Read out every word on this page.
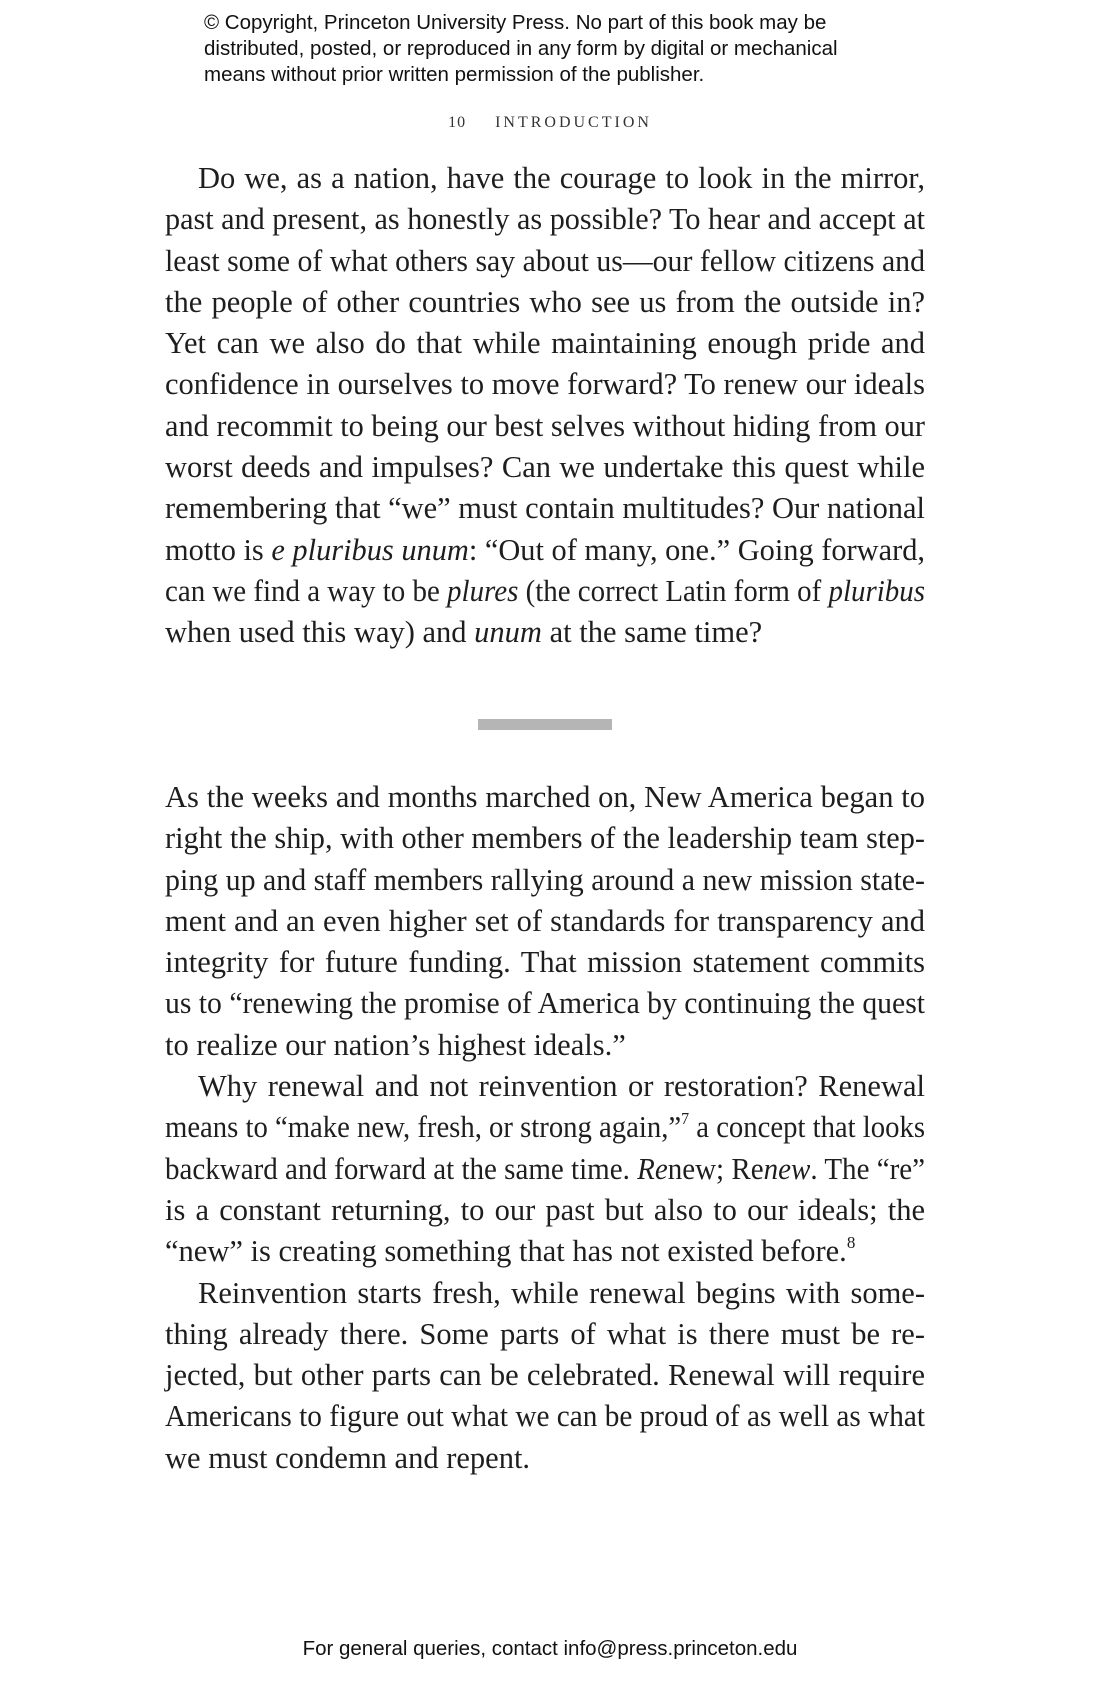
© Copyright, Princeton University Press. No part of this book may be
distributed, posted, or reproduced in any form by digital or mechanical
means without prior written permission of the publisher.
10 INTRODUCTION
Do we, as a nation, have the courage to look in the mirror,
past and present, as honestly as possible? To hear and accept at
least some of what others say about us—our fellow citizens and
the people of other countries who see us from the outside in?
Yet can we also do that while maintaining enough pride and
confidence in ourselves to move forward? To renew our ideals
and recommit to being our best selves without hiding from our
worst deeds and impulses? Can we undertake this quest while
remembering that “we” must contain multitudes? Our national
motto is e pluribus unum: “Out of many, one.” Going forward,
can we find a way to be plures (the correct Latin form of pluribus
when used this way) and unum at the same time?
As the weeks and months marched on, New America began to
right the ship, with other members of the leadership team step-
ping up and staff members rallying around a new mission state-
ment and an even higher set of standards for transparency and
integrity for future funding. That mission statement commits
us to “renewing the promise of America by continuing the quest
to realize our nation’s highest ideals.”
Why renewal and not reinvention or restoration? Renewal
means to “make new, fresh, or strong again,”$^7$ a concept that looks
backward and forward at the same time. Renew; Renew. The “re”
is a constant returning, to our past but also to our ideals; the
“new” is creating something that has not existed before.$^8$
Reinvention starts fresh, while renewal begins with some-
thing already there. Some parts of what is there must be re-
jected, but other parts can be celebrated. Renewal will require
Americans to figure out what we can be proud of as well as what
we must condemn and repent.
For general queries, contact info@press.princeton.edu
